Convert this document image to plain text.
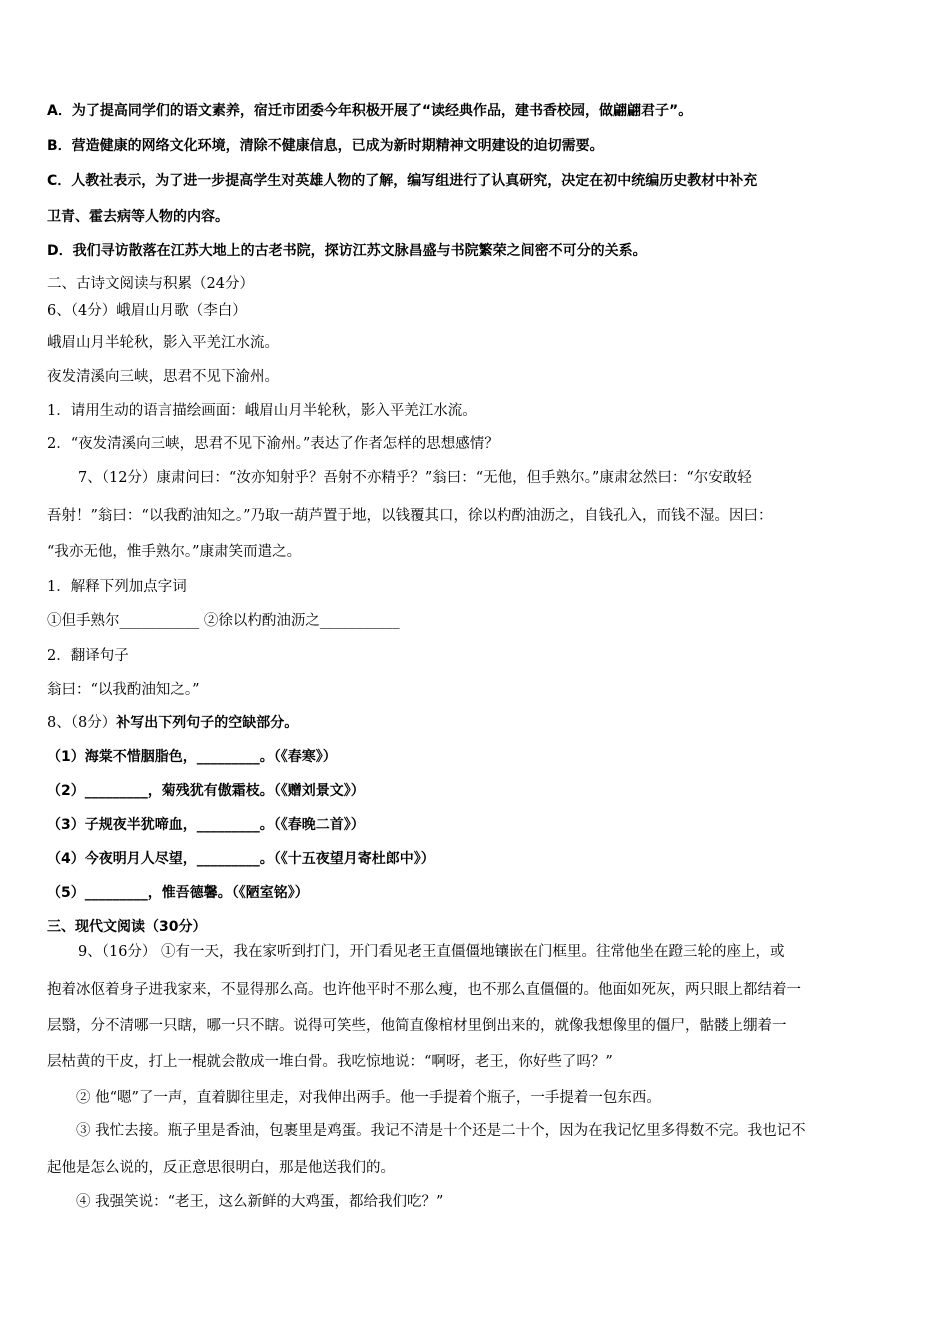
A．为了提高同学们的语文素养，宿迁市团委今年积极开展了“读经典作品，建书香校园，做翩翩君子”。
B．营造健康的网络文化环境，清除不健康信息，已成为新时期精神文明建设的迫切需要。
C．人教社表示，为了进一步提高学生对英雄人物的了解，编写组进行了认真研究，决定在初中统编历史教材中补充
卫青、霍去病等人物的内容。
D．我们寻访散落在江苏大地上的古老书院，探访江苏文脉昌盛与书院繁荣之间密不可分的关系。
二、古诗文阅读与积累（24分）
6、（4分）峨眉山月歌（李白）
峨眉山月半轮秋，影入平羌江水流。
夜发清溪向三峡，思君不见下渝州。
1．请用生动的语言描绘画面：峨眉山月半轮秋，影入平羌江水流。
2．“夜发清溪向三峡，思君不见下渝州。”表达了作者怎样的思想感情？
7、（12分）康肃问曰：“汝亦知射乎？吾射不亦精乎？”翁曰：“无他，但手熟尔。”康肃忿然曰：“尔安敢轻
吾射！”翁曰：“以我酌油知之。”乃取一葫芦置于地，以钱覆其口，徐以杓酌油沥之，自钱孔入，而钱不湿。因曰：
“我亦无他，惟手熟尔。”康肃笑而遣之。
1．解释下列加点字词
①但手熟尔___________ ②徐以杓酌油沥之___________
2．翻译句子
翁曰：“以我酌油知之。”
8、（8分）补写出下列句子的空缺部分。
（1）海棠不惜胭脂色，_________。（《春寒》）
（2）_________，菊残犹有傲霜枝。（《赠刘景文》）
（3）子规夜半犹啼血，_________。（《春晚二首》）
（4）今夜明月人尽望，_________。（《十五夜望月寄杜郎中》）
（5）_________，惟吾德馨。（《陋室铭》）
三、现代文阅读（30分）
9、（16分） ①有一天，我在家听到打门，开门看见老王直僵僵地镶嵌在门框里。往常他坐在蹬三轮的座上，或
抱着冰伛着身子进我家来，不显得那么高。也许他平时不那么瘦，也不那么直僵僵的。他面如死灰，两只眼上都结着一
层翳，分不清哪一只瞎，哪一只不瞎。说得可笑些，他简直像棺材里倒出来的，就像我想像里的僵尸，骷髅上绷着一
层枯黄的干皮，打上一棍就会散成一堆白骨。我吃惊地说：“啊呀，老王，你好些了吗？”
② 他“嗯”了一声，直着脚往里走，对我伸出两手。他一手提着个瓶子，一手提着一包东西。
③ 我忙去接。瓶子里是香油，包裹里是鸡蛋。我记不清是十个还是二十个，因为在我记忆里多得数不完。我也记不
起他是怎么说的，反正意思很明白，那是他送我们的。
④ 我强笑说：“老王，这么新鲜的大鸡蛋，都给我们吃？”
